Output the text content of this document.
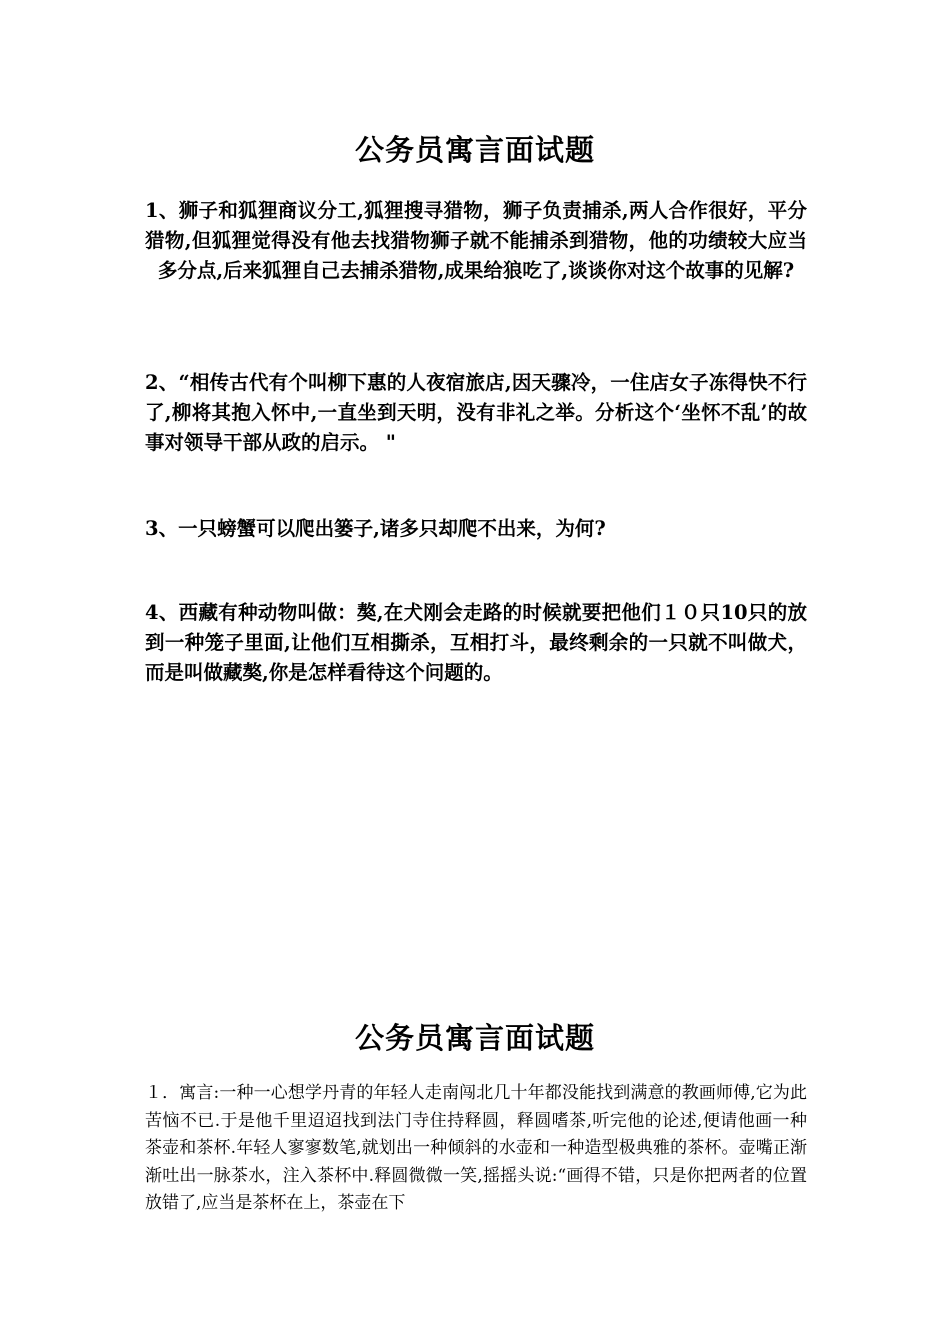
公务员寓言面试题
1、狮子和狐狸商议分工,狐狸搜寻猎物，狮子负责捕杀,两人合作很好，平分猎物,但狐狸觉得没有他去找猎物狮子就不能捕杀到猎物，他的功绩较大应当多分点,后来狐狸自己去捕杀猎物,成果给狼吃了,谈谈你对这个故事的见解?
2、“相传古代有个叫柳下惠的人夜宿旅店,因天骤冷，一住店女子冻得快不行了,柳将其抱入怀中,一直坐到天明，没有非礼之举。分析这个‘坐怀不乱’的故事对领导干部从政的启示。 "
3、一只螃蟹可以爬出篓子,诸多只却爬不出来，为何?
4、西藏有种动物叫做：獒,在犬刚会走路的时候就要把他们１０只10只的放到一种笼子里面,让他们互相撕杀，互相打斗，最终剩余的一只就不叫做犬，而是叫做藏獒,你是怎样看待这个问题的。
公务员寓言面试题
１．寓言:一种一心想学丹青的年轻人走南闯北几十年都没能找到满意的教画师傅,它为此苦恼不已.于是他千里迢迢找到法门寺住持释圆，释圆嗜茶,听完他的论述,便请他画一种茶壶和茶杯.年轻人寥寥数笔,就划出一种倾斜的水壶和一种造型极典雅的茶杯。壶嘴正渐渐吐出一脉茶水，注入茶杯中.释圆微微一笑,摇摇头说:“画得不错，只是你把两者的位置放错了,应当是茶杯在上，茶壶在下
